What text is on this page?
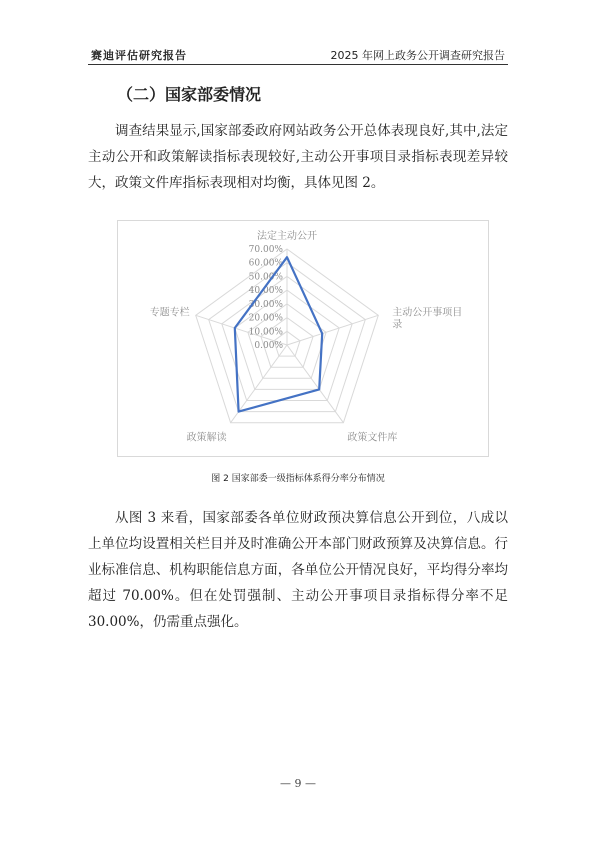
赛迪评估研究报告	2025 年网上政务公开调查研究报告
（二）国家部委情况

调查结果显示,国家部委政府网站政务公开总体表现良好,其中,法定主动公开和政策解读指标表现较好,主动公开事项目录指标表现差异较大，政策文件库指标表现相对均衡，具体见图 2。

0.00%
10.00%
20.00%
30.00%
40.00%
50.00%
60.00%
70.00%
法定主动公开
主动公开事项目
录
政策文件库
政策解读
专题专栏
图 2 国家部委一级指标体系得分率分布情况

从图 3 来看，国家部委各单位财政预决算信息公开到位，八成以上单位均设置相关栏目并及时准确公开本部门财政预算及决算信息。行业标准信息、机构职能信息方面，各单位公开情况良好，平均得分率均超过 70.00%。但在处罚强制、主动公开事项目录指标得分率不足 30.00%，仍需重点强化。

— 9 —
